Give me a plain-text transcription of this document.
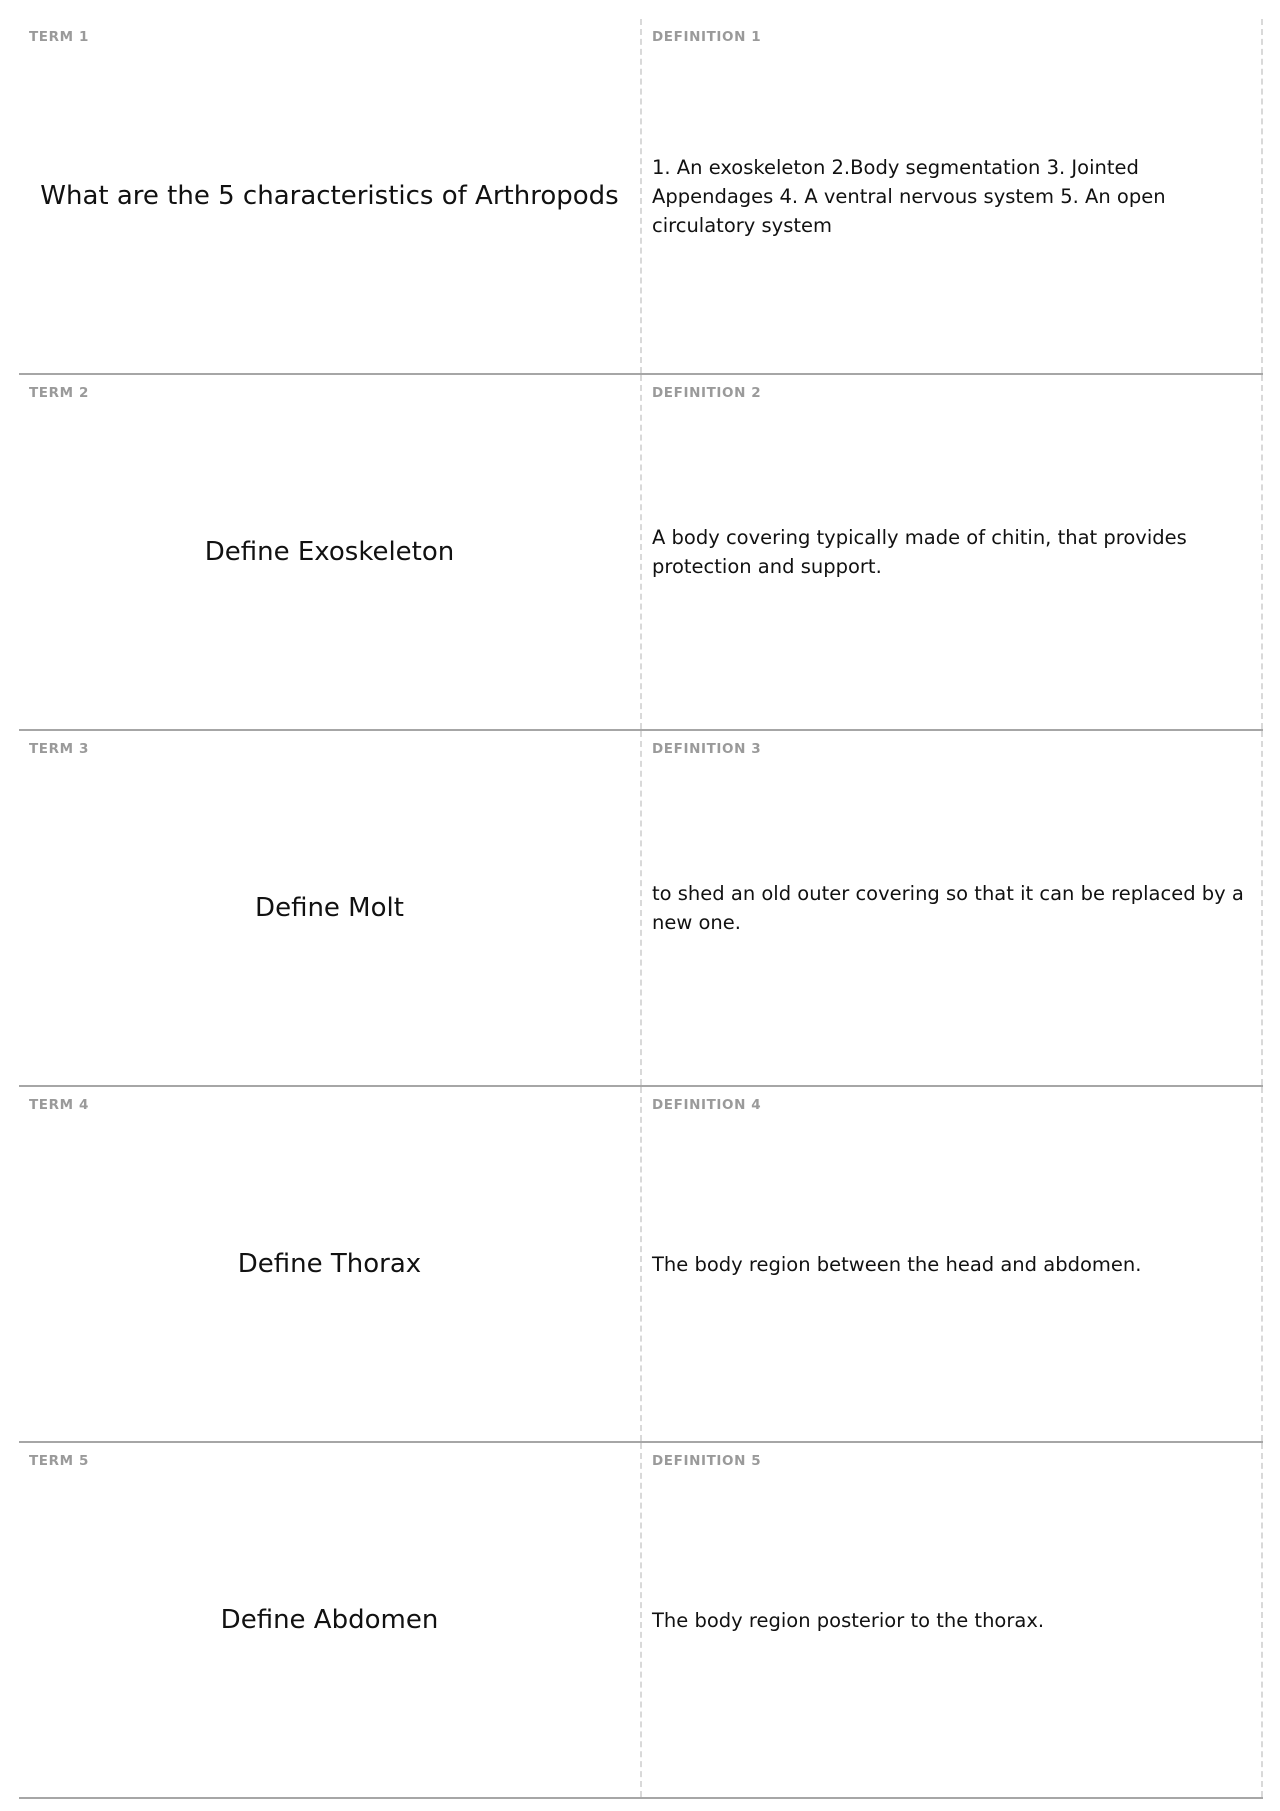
TERM 1
What are the 5 characteristics of Arthropods
DEFINITION 1
1. An exoskeleton 2.Body segmentation 3. Jointed Appendages 4. A ventral nervous system 5. An open circulatory system
TERM 2
Define Exoskeleton
DEFINITION 2
A body covering typically made of chitin, that provides protection and support.
TERM 3
Define Molt
DEFINITION 3
to shed an old outer covering so that it can be replaced by a new one.
TERM 4
Define Thorax
DEFINITION 4
The body region between the head and abdomen.
TERM 5
Define Abdomen
DEFINITION 5
The body region posterior to the thorax.
